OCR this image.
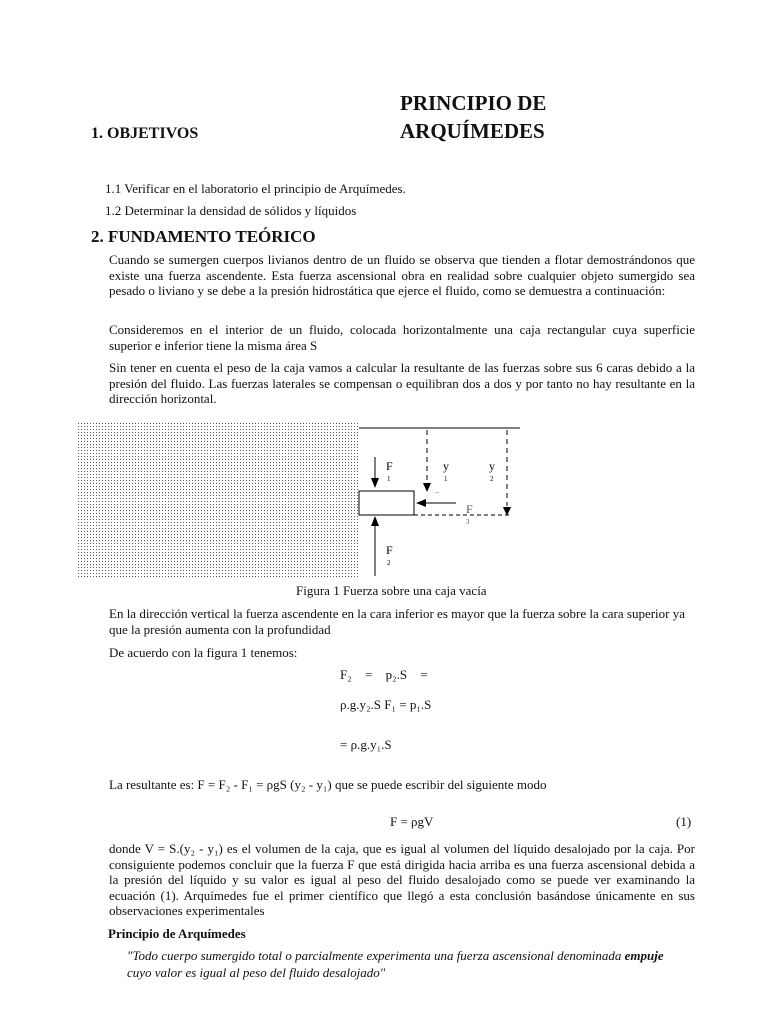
PRINCIPIO DE
ARQUÍMEDES
1. OBJETIVOS
1.1 Verificar en el laboratorio el principio de Arquímedes.
1.2 Determinar la densidad de sólidos y líquidos
2. FUNDAMENTO TEÓRICO
Cuando se sumergen cuerpos livianos dentro de un fluido se observa que tienden a flotar demostrándonos que existe una fuerza ascendente. Esta fuerza ascensional obra en realidad sobre cualquier objeto sumergido sea pesado o liviano y se debe a la presión hidrostática que ejerce el fluido, como se demuestra a continuación:
Consideremos en el interior de un fluido, colocada horizontalmente una caja rectangular cuya superficie superior e inferior tiene la misma área S
Sin tener en cuenta el peso de la caja vamos a calcular la resultante de las fuerzas sobre sus 6 caras debido a la presión del fluido. Las fuerzas laterales se compensan o equilibran dos a dos y por tanto no hay resultante en la dirección horizontal.
F
1
F
2
F
3
y
1
–
y
2
Figura 1 Fuerza sobre una caja vacía
En la dirección vertical la fuerza ascendente en la cara inferior es mayor que la fuerza sobre la cara superior ya que la presión aumenta con la profundidad
De acuerdo con la figura 1 tenemos:
F₂ = p₂.S =
ρ.g.y₂.S F₁ = p₁.S
= ρ.g.y₁.S
La resultante es: F = F₂ - F₁ = ρgS (y₂ - y₁) que se puede escribir del siguiente modo
F = ρgV	(1)
donde V = S.(y₂ - y₁) es el volumen de la caja, que es igual al volumen del líquido desalojado por la caja. Por consiguiente podemos concluir que la fuerza F que está dirigida hacia arriba es una fuerza ascensional debida a la presión del líquido y su valor es igual al peso del fluido desalojado como se puede ver examinando la ecuación (1). Arquímedes fue el primer científico que llegó a esta conclusión basándose únicamente en sus observaciones experimentales
Principio de Arquímedes
"Todo cuerpo sumergido total o parcialmente experimenta una fuerza ascensional denominada empuje cuyo valor es igual al peso del fluido desalojado"
